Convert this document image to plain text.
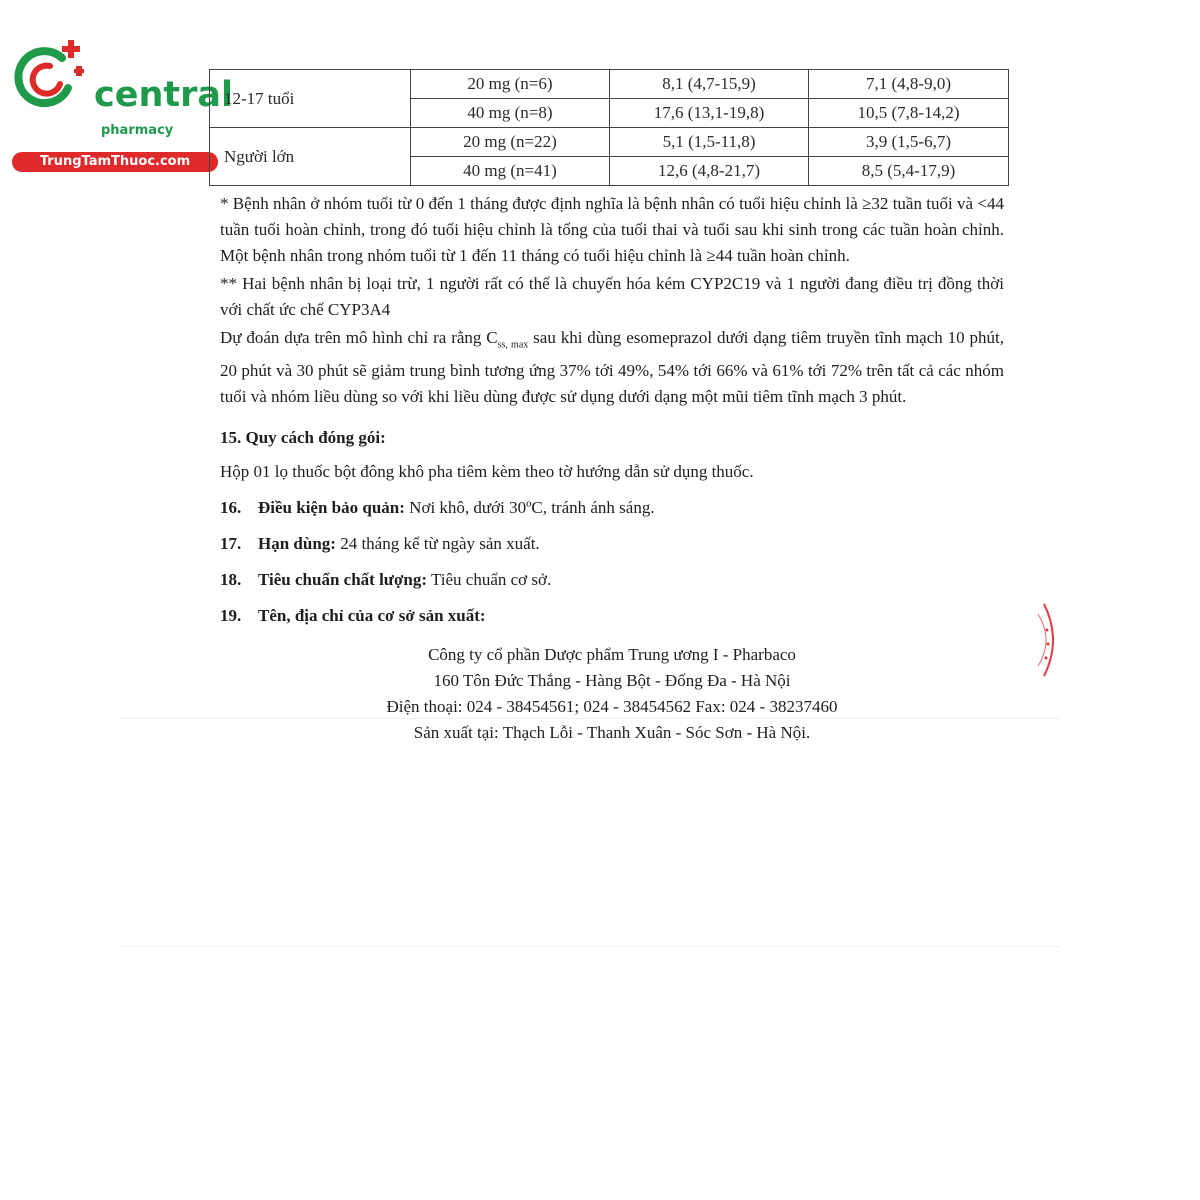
central
pharmacy
TrungTamThuoc.com
12-17 tuổi	20 mg (n=6)	8,1 (4,7-15,9)	7,1 (4,8-9,0)
	40 mg (n=8)	17,6 (13,1-19,8)	10,5 (7,8-14,2)
Người lớn	20 mg (n=22)	5,1 (1,5-11,8)	3,9 (1,5-6,7)
	40 mg (n=41)	12,6 (4,8-21,7)	8,5 (5,4-17,9)

* Bệnh nhân ở nhóm tuổi từ 0 đến 1 tháng được định nghĩa là bệnh nhân có tuổi hiệu chỉnh là ≥32 tuần tuổi và <44 tuần tuổi hoàn chỉnh, trong đó tuổi hiệu chỉnh là tổng của tuổi thai và tuổi sau khi sinh trong các tuần hoàn chỉnh. Một bệnh nhân trong nhóm tuổi từ 1 đến 11 tháng có tuổi hiệu chỉnh là ≥44 tuần hoàn chỉnh.

** Hai bệnh nhân bị loại trừ, 1 người rất có thể là chuyển hóa kém CYP2C19 và 1 người đang điều trị đồng thời với chất ức chế CYP3A4

Dự đoán dựa trên mô hình chỉ ra rằng $C_{ss, max}$ sau khi dùng esomeprazol dưới dạng tiêm truyền tĩnh mạch 10 phút, 20 phút và 30 phút sẽ giảm trung bình tương ứng 37% tới 49%, 54% tới 66% và 61% tới 72% trên tất cả các nhóm tuổi và nhóm liều dùng so với khi liều dùng được sử dụng dưới dạng một mũi tiêm tĩnh mạch 3 phút.

15. Quy cách đóng gói:

Hộp 01 lọ thuốc bột đông khô pha tiêm kèm theo tờ hướng dẫn sử dụng thuốc.

16. Điều kiện bảo quản: Nơi khô, dưới 30ºC, tránh ánh sáng.

17. Hạn dùng: 24 tháng kể từ ngày sản xuất.

18. Tiêu chuẩn chất lượng: Tiêu chuẩn cơ sở.

19. Tên, địa chỉ của cơ sở sản xuất:

Công ty cổ phần Dược phẩm Trung ương I - Pharbaco

160 Tôn Đức Thắng - Hàng Bột - Đống Đa - Hà Nội

Điện thoại: 024 - 38454561; 024 - 38454562 Fax: 024 - 38237460

Sản xuất tại: Thạch Lỗi - Thanh Xuân - Sóc Sơn - Hà Nội.
